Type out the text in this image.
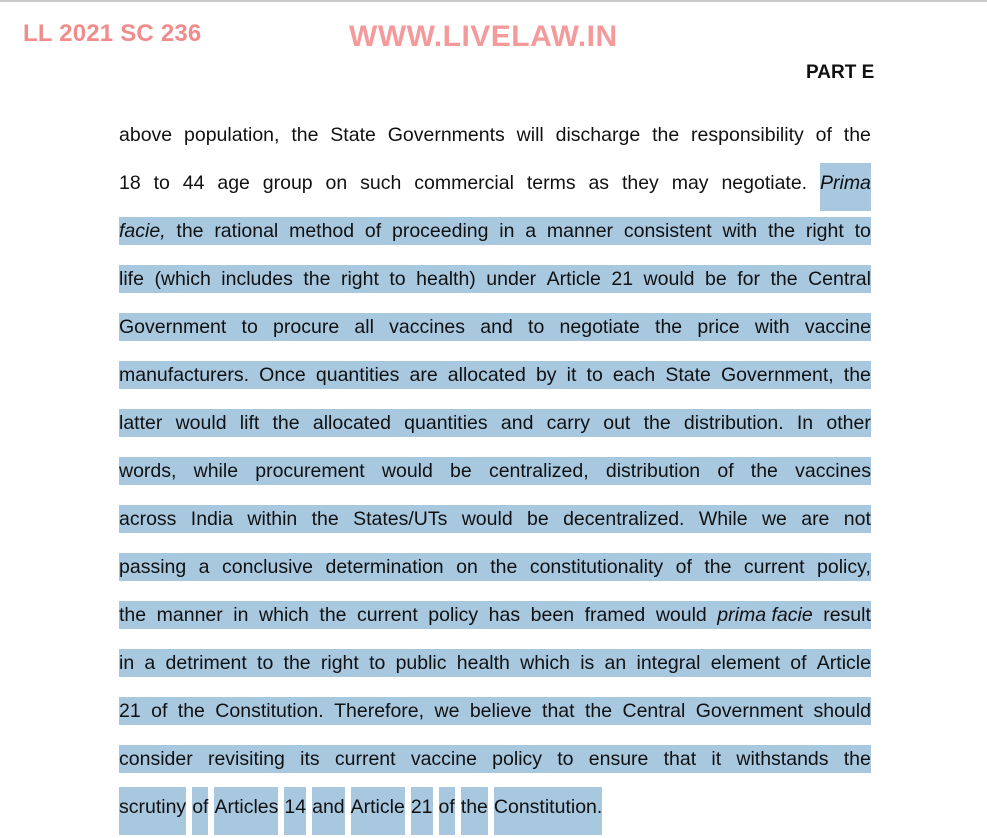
LL 2021 SC 236	WWW.LIVELAW.IN
PART E
above population, the State Governments will discharge the responsibility of the
18 to 44 age group on such commercial terms as they may negotiate. Prima
facie, the rational method of proceeding in a manner consistent with the right to
life (which includes the right to health) under Article 21 would be for the Central
Government to procure all vaccines and to negotiate the price with vaccine
manufacturers. Once quantities are allocated by it to each State Government, the
latter would lift the allocated quantities and carry out the distribution. In other
words, while procurement would be centralized, distribution of the vaccines
across India within the States/UTs would be decentralized. While we are not
passing a conclusive determination on the constitutionality of the current policy,
the manner in which the current policy has been framed would prima facie result
in a detriment to the right to public health which is an integral element of Article
21 of the Constitution. Therefore, we believe that the Central Government should
consider revisiting its current vaccine policy to ensure that it withstands the
scrutiny of Articles 14 and Article 21 of the Constitution.
